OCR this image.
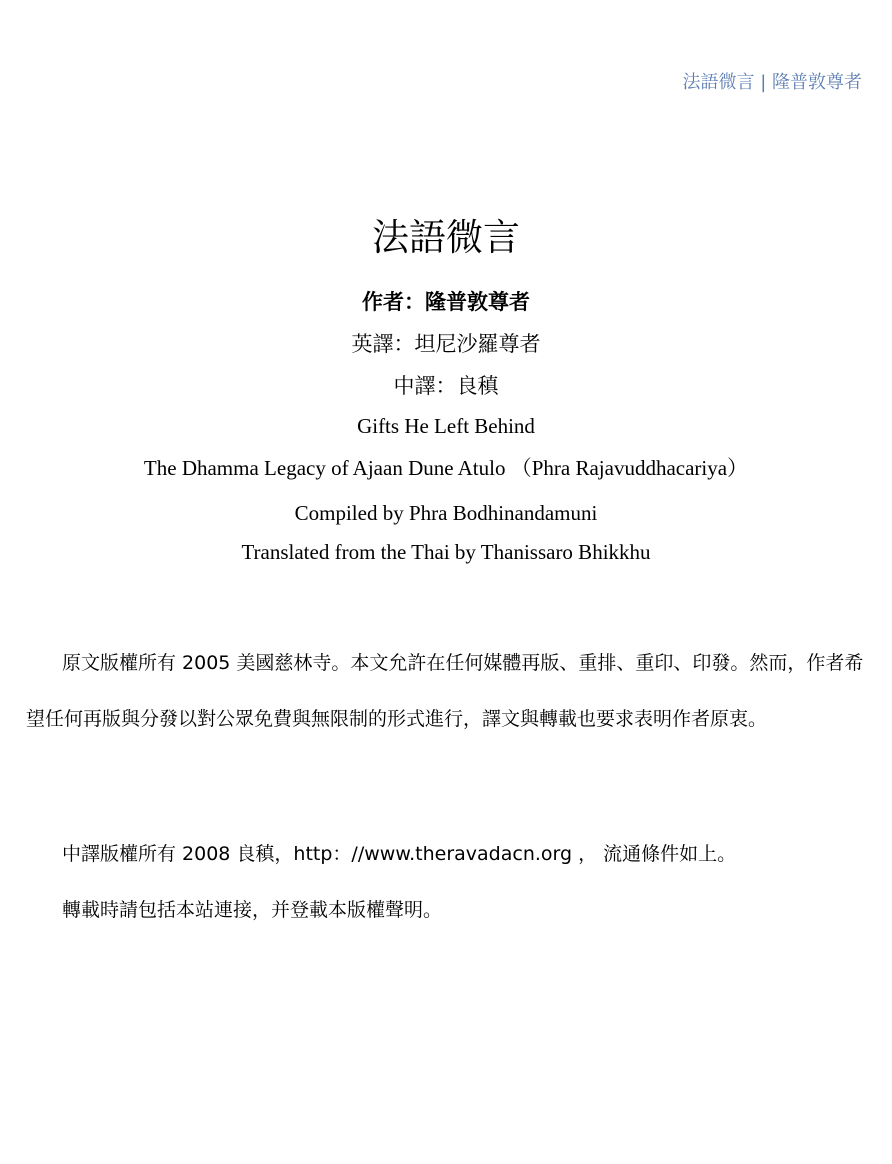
法語微言 | 隆普敦尊者
法語微言
作者：隆普敦尊者
英譯：坦尼沙羅尊者
中譯：良稹
Gifts He Left Behind
The Dhamma Legacy of Ajaan Dune Atulo （Phra Rajavuddhacariya）
Compiled by Phra Bodhinandamuni
Translated from the Thai by Thanissaro Bhikkhu
原文版權所有 2005 美國慈林寺。本文允許在任何媒體再版、重排、重印、印發。然而，作者希望任何再版與分發以對公眾免費與無限制的形式進行，譯文與轉載也要求表明作者原衷。
中譯版權所有 2008 良稹，http：//www.theravadacn.org ， 流通條件如上。
轉載時請包括本站連接，并登載本版權聲明。
